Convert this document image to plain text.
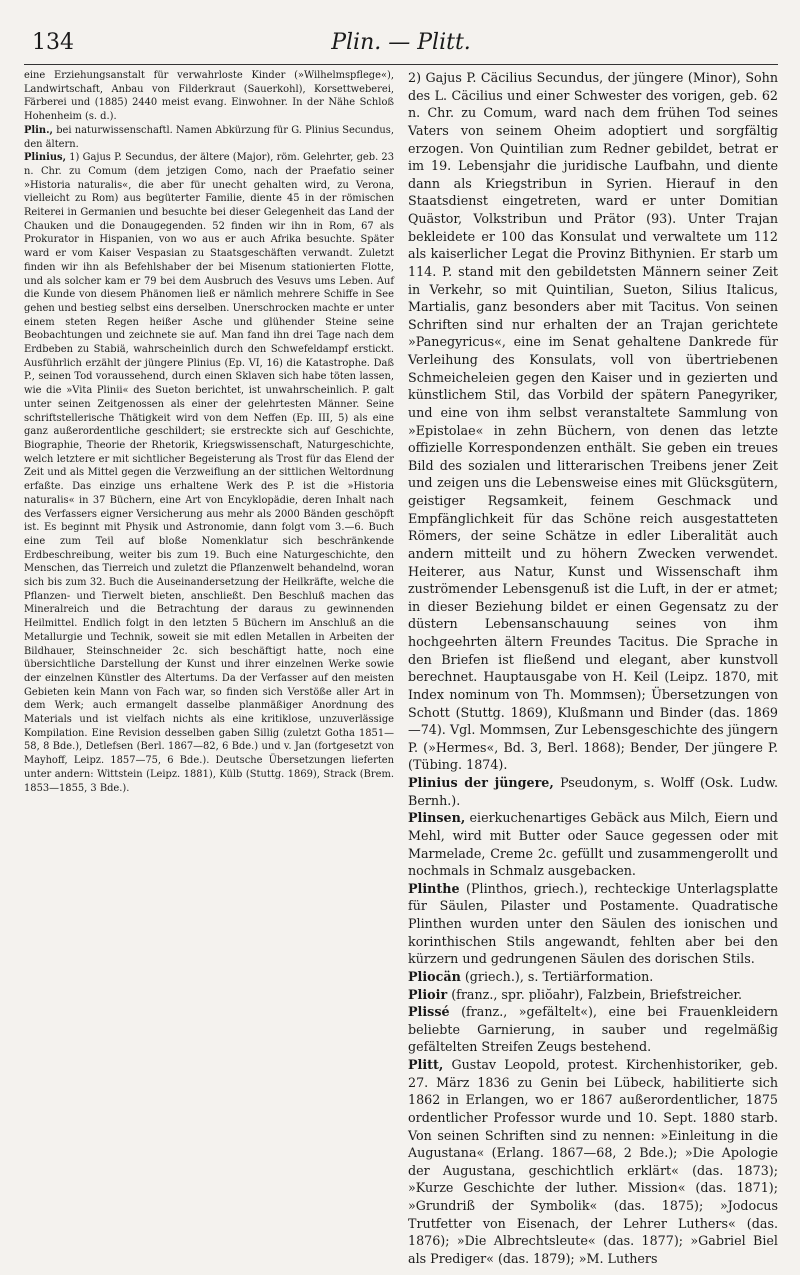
134	Plin. — Plitt.

eine Erziehungsanstalt für verwahrloste Kinder (»Wilhelmspflege«), Landwirtschaft, Anbau von Filderkraut (Sauerkohl), Korsettweberei, Färberei und (1885) 2440 meist evang. Einwohner. In der Nähe Schloß Hohenheim (s. d.).

Plin., bei naturwissenschaftl. Namen Abkürzung für G. Plinius Secundus, den ältern.

Plinius, 1) Gajus P. Secundus, der ältere (Major), röm. Gelehrter, geb. 23 n. Chr. zu Comum (dem jetzigen Como, nach der Praefatio seiner »Historia naturalis«, die aber für unecht gehalten wird, zu Verona, vielleicht zu Rom) aus begüterter Familie, diente 45 in der römischen Reiterei in Germanien und besuchte bei dieser Gelegenheit das Land der Chauken und die Donaugegenden. 52 finden wir ihn in Rom, 67 als Prokurator in Hispanien, von wo aus er auch Afrika besuchte. Später ward er vom Kaiser Vespasian zu Staatsgeschäften verwandt. Zuletzt finden wir ihn als Befehlshaber der bei Misenum stationierten Flotte, und als solcher kam er 79 bei dem Ausbruch des Vesuvs ums Leben. Auf die Kunde von diesem Phänomen ließ er nämlich mehrere Schiffe in See gehen und bestieg selbst eins derselben. Unerschrocken machte er unter einem steten Regen heißer Asche und glühender Steine seine Beobachtungen und zeichnete sie auf. Man fand ihn drei Tage nach dem Erdbeben zu Stabiä, wahrscheinlich durch den Schwefeldampf erstickt. Ausführlich erzählt der jüngere Plinius (Ep. VI, 16) die Katastrophe. Daß P., seinen Tod voraussehend, durch einen Sklaven sich habe töten lassen, wie die »Vita Plinii« des Sueton berichtet, ist unwahrscheinlich. P. galt unter seinen Zeitgenossen als einer der gelehrtesten Männer. Seine schriftstellerische Thätigkeit wird von dem Neffen (Ep. III, 5) als eine ganz außerordentliche geschildert; sie erstreckte sich auf Geschichte, Biographie, Theorie der Rhetorik, Kriegswissenschaft, Naturgeschichte, welch letztere er mit sichtlicher Begeisterung als Trost für das Elend der Zeit und als Mittel gegen die Verzweiflung an der sittlichen Weltordnung erfaßte. Das einzige uns erhaltene Werk des P. ist die »Historia naturalis« in 37 Büchern, eine Art von Encyklopädie, deren Inhalt nach des Verfassers eigner Versicherung aus mehr als 2000 Bänden geschöpft ist. Es beginnt mit Physik und Astronomie, dann folgt vom 3.—6. Buch eine zum Teil auf bloße Nomenklatur sich beschränkende Erdbeschreibung, weiter bis zum 19. Buch eine Naturgeschichte, den Menschen, das Tierreich und zuletzt die Pflanzenwelt behandelnd, woran sich bis zum 32. Buch die Auseinandersetzung der Heilkräfte, welche die Pflanzen- und Tierwelt bieten, anschließt. Den Beschluß machen das Mineralreich und die Betrachtung der daraus zu gewinnenden Heilmittel. Endlich folgt in den letzten 5 Büchern im Anschluß an die Metallurgie und Technik, soweit sie mit edlen Metallen in Arbeiten der Bildhauer, Steinschneider 2c. sich beschäftigt hatte, noch eine übersichtliche Darstellung der Kunst und ihrer einzelnen Werke sowie der einzelnen Künstler des Altertums. Da der Verfasser auf den meisten Gebieten kein Mann von Fach war, so finden sich Verstöße aller Art in dem Werk; auch ermangelt dasselbe planmäßiger Anordnung des Materials und ist vielfach nichts als eine kritiklose, unzuverlässige Kompilation. Eine Revision desselben gaben Sillig (zuletzt Gotha 1851—58, 8 Bde.), Detlefsen (Berl. 1867—82, 6 Bde.) und v. Jan (fortgesetzt von Mayhoff, Leipz. 1857—75, 6 Bde.). Deutsche Übersetzungen lieferten unter andern: Wittstein (Leipz. 1881), Külb (Stuttg. 1869), Strack (Brem. 1853—1855, 3 Bde.).

2) Gajus P. Cäcilius Secundus, der jüngere (Minor), Sohn des L. Cäcilius und einer Schwester des vorigen, geb. 62 n. Chr. zu Comum, ward nach dem frühen Tod seines Vaters von seinem Oheim adoptiert und sorgfältig erzogen. Von Quintilian zum Redner gebildet, betrat er im 19. Lebensjahr die juridische Laufbahn, und diente dann als Kriegstribun in Syrien. Hierauf in den Staatsdienst eingetreten, ward er unter Domitian Quästor, Volkstribun und Prätor (93). Unter Trajan bekleidete er 100 das Konsulat und verwaltete um 112 als kaiserlicher Legat die Provinz Bithynien. Er starb um 114. P. stand mit den gebildetsten Männern seiner Zeit in Verkehr, so mit Quintilian, Sueton, Silius Italicus, Martialis, ganz besonders aber mit Tacitus. Von seinen Schriften sind nur erhalten der an Trajan gerichtete »Panegyricus«, eine im Senat gehaltene Dankrede für Verleihung des Konsulats, voll von übertriebenen Schmeicheleien gegen den Kaiser und in gezierten und künstlichem Stil, das Vorbild der spätern Panegyriker, und eine von ihm selbst veranstaltete Sammlung von »Epistolae« in zehn Büchern, von denen das letzte offizielle Korrespondenzen enthält. Sie geben ein treues Bild des sozialen und litterarischen Treibens jener Zeit und zeigen uns die Lebensweise eines mit Glücksgütern, geistiger Regsamkeit, feinem Geschmack und Empfänglichkeit für das Schöne reich ausgestatteten Römers, der seine Schätze in edler Liberalität auch andern mitteilt und zu höhern Zwecken verwendet. Heiterer, aus Natur, Kunst und Wissenschaft ihm zuströmender Lebensgenuß ist die Luft, in der er atmet; in dieser Beziehung bildet er einen Gegensatz zu der düstern Lebensanschauung seines von ihm hochgeehrten ältern Freundes Tacitus. Die Sprache in den Briefen ist fließend und elegant, aber kunstvoll berechnet. Hauptausgabe von H. Keil (Leipz. 1870, mit Index nominum von Th. Mommsen); Übersetzungen von Schott (Stuttg. 1869), Klußmann und Binder (das. 1869—74). Vgl. Mommsen, Zur Lebensgeschichte des jüngern P. (»Hermes«, Bd. 3, Berl. 1868); Bender, Der jüngere P. (Tübing. 1874).

Plinius der jüngere, Pseudonym, s. Wolff (Osk. Ludw. Bernh.).

Plinsen, eierkuchenartiges Gebäck aus Milch, Eiern und Mehl, wird mit Butter oder Sauce gegessen oder mit Marmelade, Creme 2c. gefüllt und zusammengerollt und nochmals in Schmalz ausgebacken.

Plinthe (Plinthos, griech.), rechteckige Unterlagsplatte für Säulen, Pilaster und Postamente. Quadratische Plinthen wurden unter den Säulen des ionischen und korinthischen Stils angewandt, fehlten aber bei den kürzern und gedrungenen Säulen des dorischen Stils.

Pliocän (griech.), s. Tertiärformation.

Plioir (franz., spr. pliŏahr), Falzbein, Briefstreicher.

Plissé (franz., »gefältelt«), eine bei Frauenkleidern beliebte Garnierung, in sauber und regelmäßig gefältelten Streifen Zeugs bestehend.

Plitt, Gustav Leopold, protest. Kirchenhistoriker, geb. 27. März 1836 zu Genin bei Lübeck, habilitierte sich 1862 in Erlangen, wo er 1867 außerordentlicher, 1875 ordentlicher Professor wurde und 10. Sept. 1880 starb. Von seinen Schriften sind zu nennen: »Einleitung in die Augustana« (Erlang. 1867—68, 2 Bde.); »Die Apologie der Augustana, geschichtlich erklärt« (das. 1873); »Kurze Geschichte der luther. Mission« (das. 1871); »Grundriß der Symbolik« (das. 1875); »Jodocus Trutfetter von Eisenach, der Lehrer Luthers« (das. 1876); »Die Albrechtsleute« (das. 1877); »Gabriel Biel als Prediger« (das. 1879); »M. Luthers
